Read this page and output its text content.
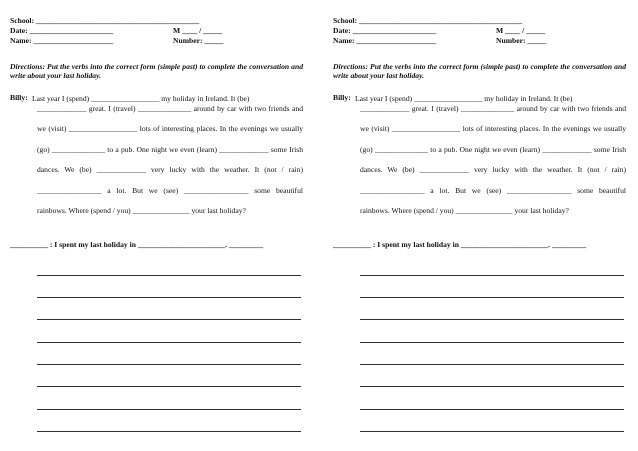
School: ___________________________________________
Date: ______________________	M ____ / _____
Name: _____________________	Number: _____
Directions: Put the verbs into the correct form (simple past) to complete the conversation and write about your last holiday.
Billy: Last year I (spend) __________________ my holiday in Ireland. It (be)
_____________ great. I (travel) ______________ around by car with two friends and we (visit) __________________ lots of interesting places. In the evenings we usually (go) ______________ to a pub. One night we even (learn) _____________ some Irish dances. We (be) _____________ very lucky with the weather. It (not / rain) _________________ a lot. But we (see) _________________ some beautiful rainbows. Where (spend / you) _______________ your last holiday?
__________ : I spent my last holiday in _______________________. _________
School: ___________________________________________
Date: ______________________	M ____ / _____
Name: _____________________	Number: _____
Directions: Put the verbs into the correct form (simple past) to complete the conversation and write about your last holiday.
Billy: Last year I (spend) __________________ my holiday in Ireland. It (be)
_____________ great. I (travel) ______________ around by car with two friends and we (visit) __________________ lots of interesting places. In the evenings we usually (go) ______________ to a pub. One night we even (learn) _____________ some Irish dances. We (be) _____________ very lucky with the weather. It (not / rain) _________________ a lot. But we (see) _________________ some beautiful rainbows. Where (spend / you) _______________ your last holiday?
__________ : I spent my last holiday in _______________________. _________
